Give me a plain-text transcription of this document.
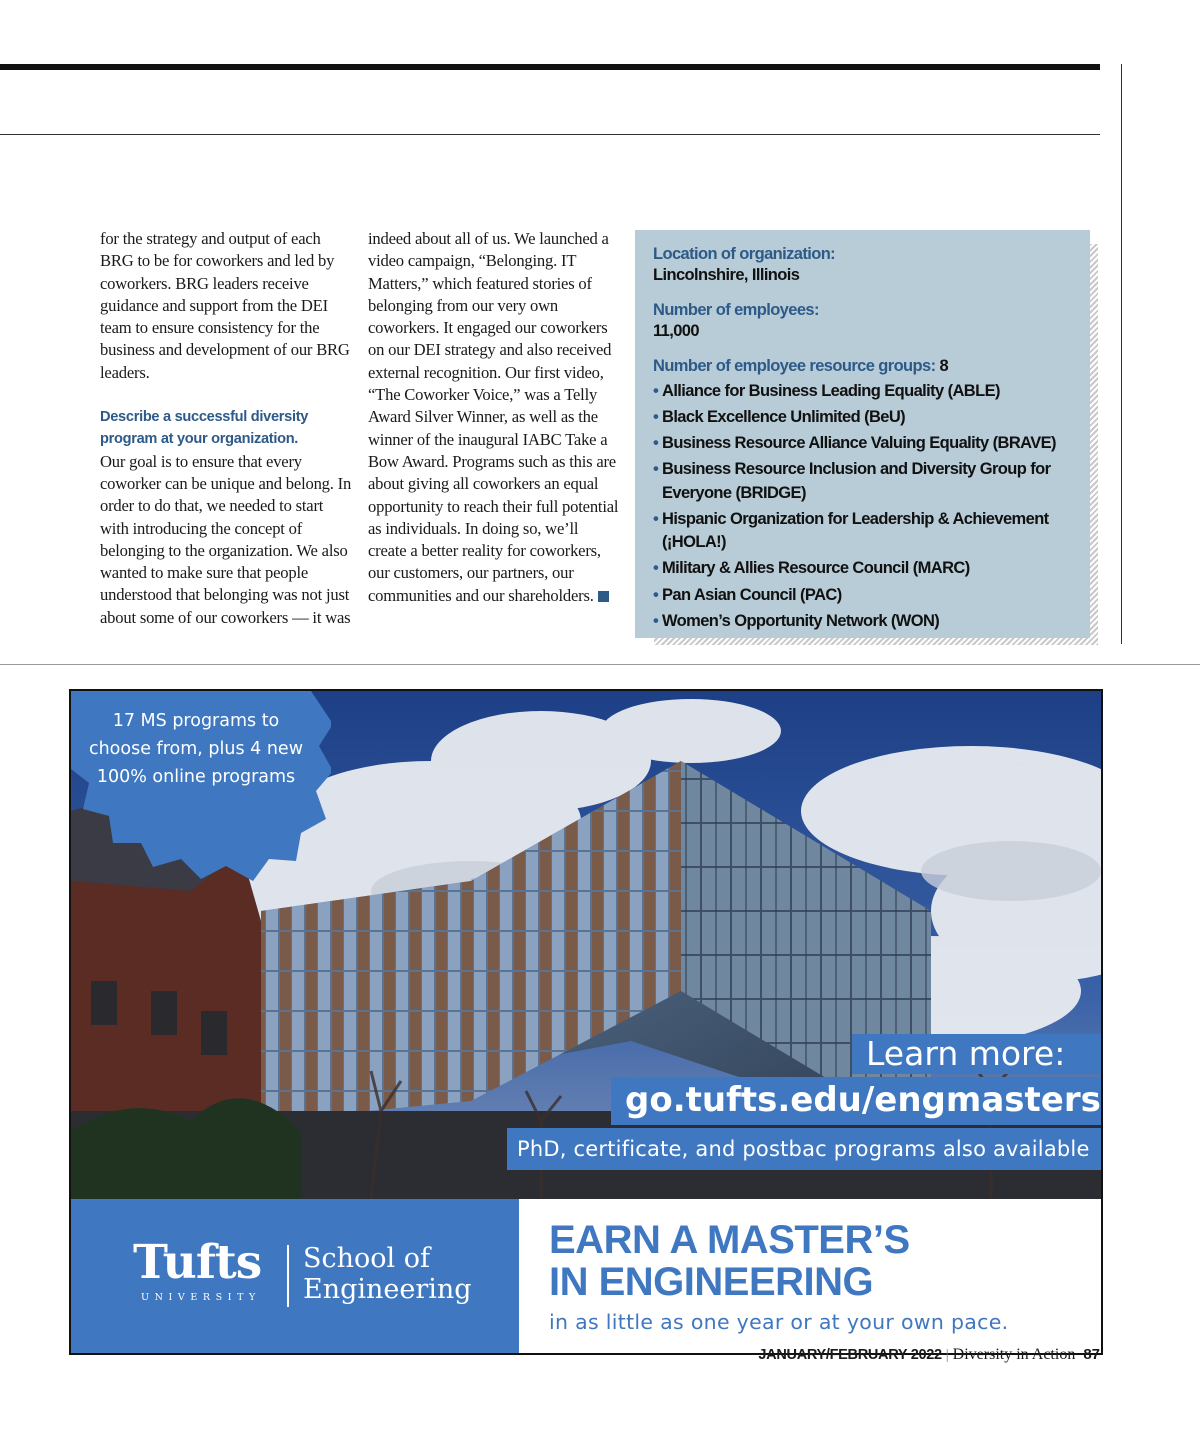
for the strategy and output of each BRG to be for coworkers and led by coworkers. BRG leaders receive guidance and support from the DEI team to ensure consistency for the business and development of our BRG leaders.

Describe a successful diversity program at your organization.

Our goal is to ensure that every coworker can be unique and belong. In order to do that, we needed to start with introducing the concept of belonging to the organization. We also wanted to make sure that people understood that belonging was not just about some of our coworkers — it was

indeed about all of us. We launched a video campaign, “Belonging. IT Matters,” which featured stories of belonging from our very own coworkers. It engaged our coworkers on our DEI strategy and also received external recognition. Our first video, “The Coworker Voice,” was a Telly Award Silver Winner, as well as the winner of the inaugural IABC Take a Bow Award. Programs such as this are about giving all coworkers an equal opportunity to reach their full potential as individuals. In doing so, we’ll create a better reality for coworkers, our customers, our partners, our communities and our shareholders.

Location of organization:
Lincolnshire, Illinois
Number of employees:
11,000
Number of employee resource groups: 8
• Alliance for Business Leading Equality (ABLE)
• Black Excellence Unlimited (BeU)
• Business Resource Alliance Valuing Equality (BRAVE)
• Business Resource Inclusion and Diversity Group for Everyone (BRIDGE)
• Hispanic Organization for Leadership & Achievement (¡HOLA!)
• Military & Allies Resource Council (MARC)
• Pan Asian Council (PAC)
• Women’s Opportunity Network (WON)
17 MS programs to choose from, plus 4 new 100% online programs
Learn more:
go.tufts.edu/engmasters
PhD, certificate, and postbac programs also available
Tufts
UNIVERSITY
School of
Engineering
EARN A MASTER’S
IN ENGINEERING
in as little as one year or at your own pace.
JANUARY/FEBRUARY 2022 | Diversity in Action 87
